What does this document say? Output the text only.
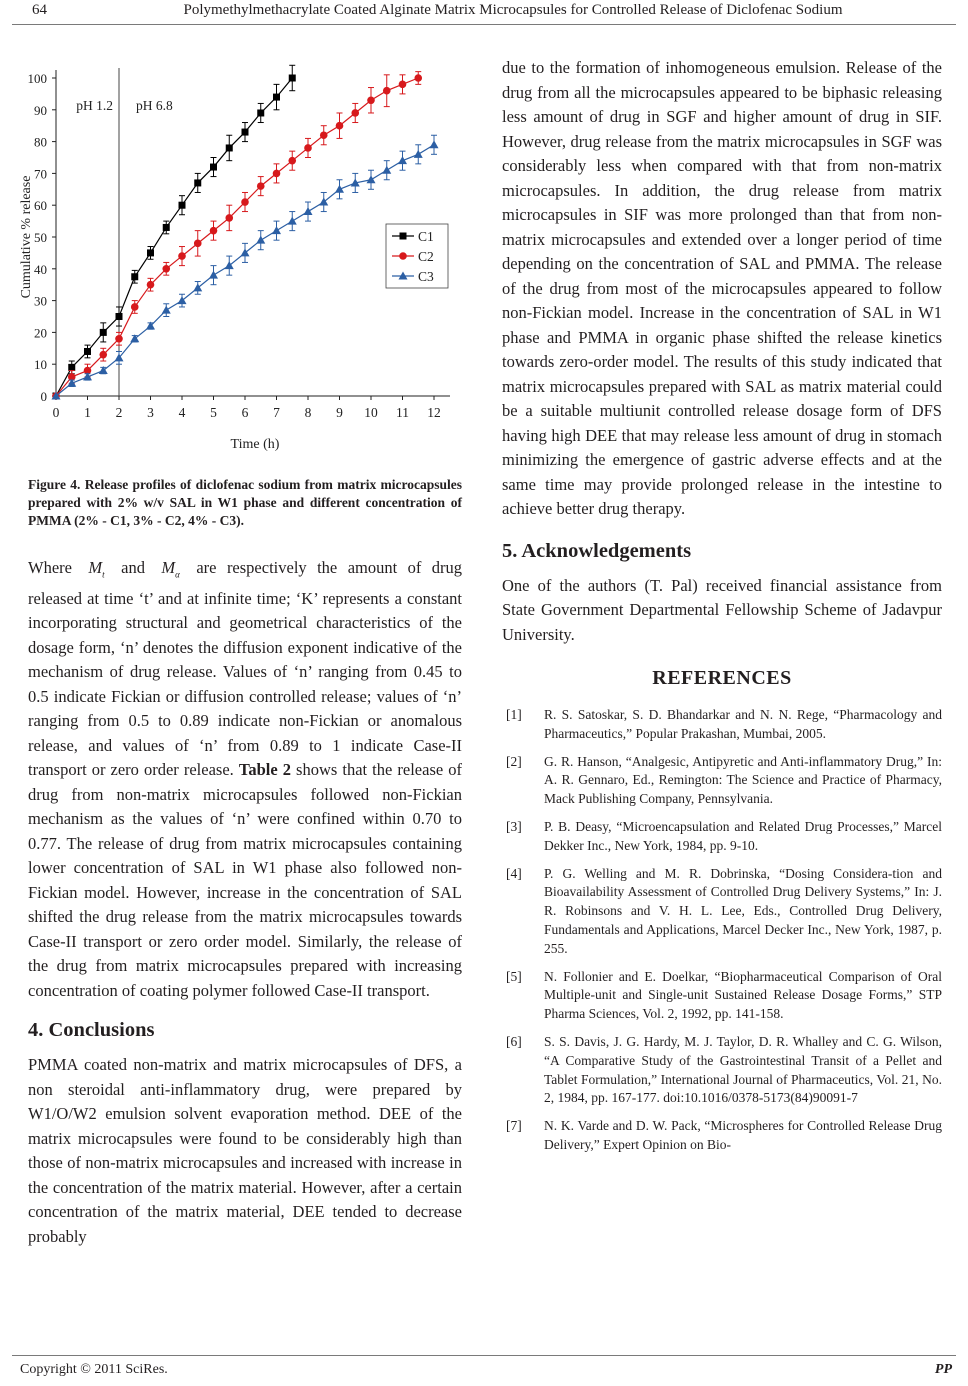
64	Polymethylmethacrylate Coated Alginate Matrix Microcapsules for Controlled Release of Diclofenac Sodium
0
10
20
30
40
50
60
70
80
90
100
0 1 2 3 4 5 6 7 8 9 10 11 12
Time (h)
Cumulative % release
pH 1.2 pH 6.8
C1
C2
C3
Figure 4. Release profiles of diclofenac sodium from matrix microcapsules prepared with 2% w/v SAL in W1 phase and different concentration of PMMA (2% - C1, 3% - C2, 4% - C3).

Where $M_t$ and $M_\alpha$ are respectively the amount of drug released at time ‘t’ and at infinite time; ‘K’ represents a constant incorporating structural and geometrical characteristics of the dosage form, ‘n’ denotes the diffusion exponent indicative of the mechanism of drug release. Values of ‘n’ ranging from 0.45 to 0.5 indicate Fickian or diffusion controlled release; values of ‘n’ ranging from 0.5 to 0.89 indicate non-Fickian or anomalous release, and values of ‘n’ from 0.89 to 1 indicate Case-II transport or zero order release. Table 2 shows that the release of drug from non-matrix microcapsules followed non-Fickian mechanism as the values of ‘n’ were confined within 0.70 to 0.77. The release of drug from matrix microcapsules containing lower concentration of SAL in W1 phase also followed non-Fickian model. However, increase in the concentration of SAL shifted the drug release from the matrix microcapsules towards Case-II transport or zero order model. Similarly, the release of the drug from matrix microcapsules prepared with increasing concentration of coating polymer followed Case-II transport.

4. Conclusions

PMMA coated non-matrix and matrix microcapsules of DFS, a non steroidal anti-inflammatory drug, were prepared by W1/O/W2 emulsion solvent evaporation method. DEE of the matrix microcapsules were found to be considerably high than those of non-matrix microcapsules and increased with increase in the concentration of the matrix material. However, after a certain concentration of the matrix material, DEE tended to decrease probably

due to the formation of inhomogeneous emulsion. Release of the drug from all the microcapsules appeared to be biphasic releasing less amount of drug in SGF and higher amount of drug in SIF. However, drug release from the matrix microcapsules in SGF was considerably less when compared with that from non-matrix microcapsules. In addition, the drug release from matrix microcapsules in SIF was more prolonged than that from non-matrix microcapsules and extended over a longer period of time depending on the concentration of SAL and PMMA. The release of the drug from most of the microcapsules appeared to follow non-Fickian model. Increase in the concentration of SAL in W1 phase and PMMA in organic phase shifted the release kinetics towards zero-order model. The results of this study indicated that matrix microcapsules prepared with SAL as matrix material could be a suitable multiunit controlled release dosage form of DFS having high DEE that may release less amount of drug in stomach minimizing the emergence of gastric adverse effects and at the same time may provide prolonged release in the intestine to achieve better drug therapy.

5. Acknowledgements

One of the authors (T. Pal) received financial assistance from State Government Departmental Fellowship Scheme of Jadavpur University.

REFERENCES
[1] R. S. Satoskar, S. D. Bhandarkar and N. N. Rege, “Pharmacology and Pharmaceutics,” Popular Prakashan, Mumbai, 2005.
[2] G. R. Hanson, “Analgesic, Antipyretic and Anti-inflammatory Drug,” In: A. R. Gennaro, Ed., Remington: The Science and Practice of Pharmacy, Mack Publishing Company, Pennsylvania.
[3] P. B. Deasy, “Microencapsulation and Related Drug Processes,” Marcel Dekker Inc., New York, 1984, pp. 9-10.
[4] P. G. Welling and M. R. Dobrinska, “Dosing Considera-tion and Bioavailability Assessment of Controlled Drug Delivery Systems,” In: J. R. Robinsons and V. H. L. Lee, Eds., Controlled Drug Delivery, Fundamentals and Applications, Marcel Decker Inc., New York, 1987, p. 255.
[5] N. Follonier and E. Doelkar, “Biopharmaceutical Comparison of Oral Multiple-unit and Single-unit Sustained Release Dosage Forms,” STP Pharma Sciences, Vol. 2, 1992, pp. 141-158.
[6] S. S. Davis, J. G. Hardy, M. J. Taylor, D. R. Whalley and C. G. Wilson, “A Comparative Study of the Gastrointestinal Transit of a Pellet and Tablet Formulation,” International Journal of Pharmaceutics, Vol. 21, No. 2, 1984, pp. 167-177. doi:10.1016/0378-5173(84)90091-7
[7] N. K. Varde and D. W. Pack, “Microspheres for Controlled Release Drug Delivery,” Expert Opinion on Bio-
Copyright © 2011 SciRes.	PP
